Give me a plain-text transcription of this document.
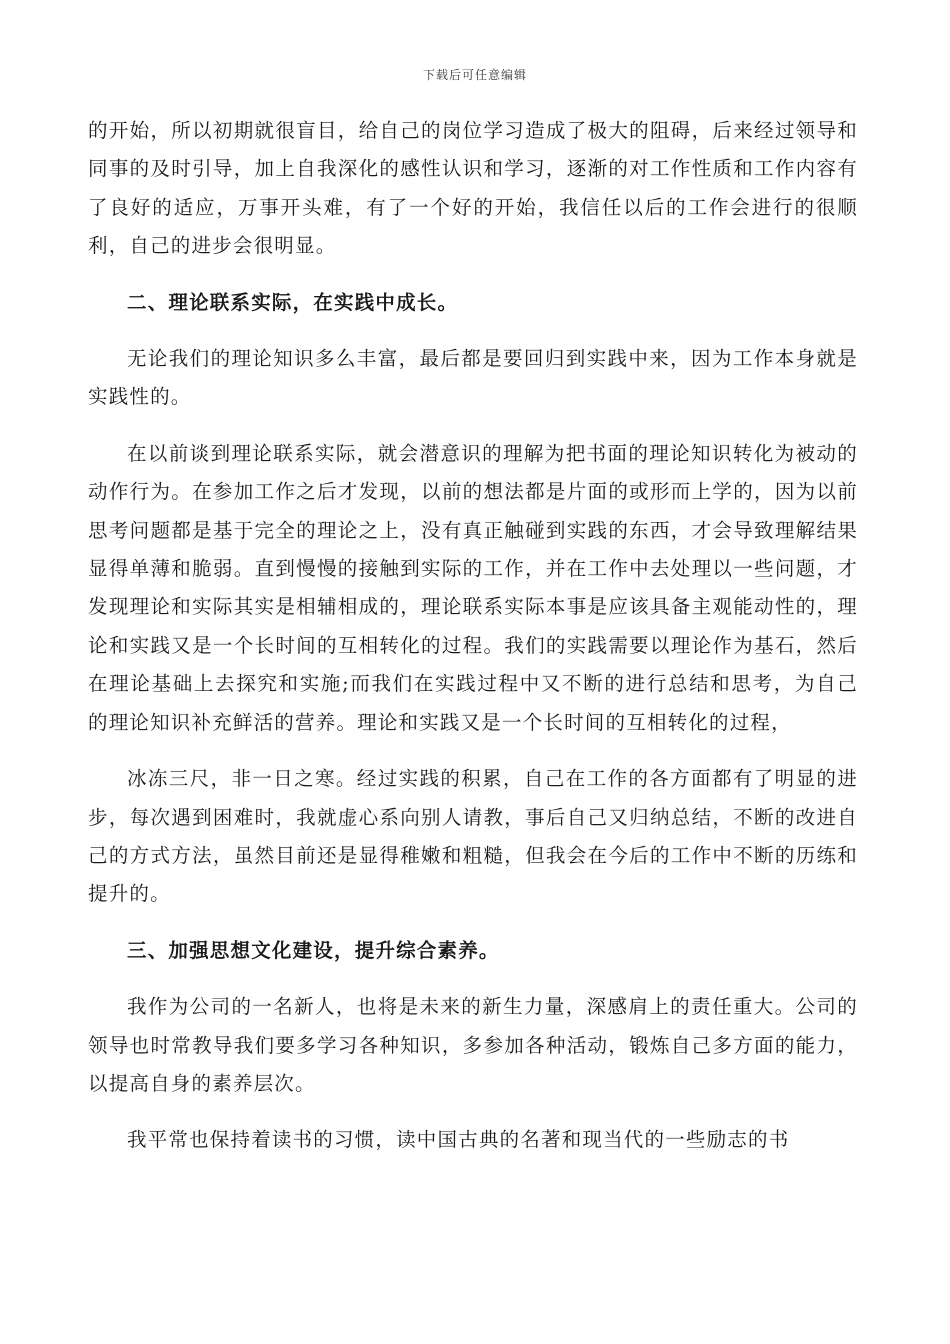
下载后可任意编辑

的开始，所以初期就很盲目，给自己的岗位学习造成了极大的阻碍，后来经过领导和同事的及时引导，加上自我深化的感性认识和学习，逐渐的对工作性质和工作内容有了良好的适应，万事开头难，有了一个好的开始，我信任以后的工作会进行的很顺利，自己的进步会很明显。

二、理论联系实际，在实践中成长。

无论我们的理论知识多么丰富，最后都是要回归到实践中来，因为工作本身就是实践性的。

在以前谈到理论联系实际，就会潜意识的理解为把书面的理论知识转化为被动的动作行为。在参加工作之后才发现，以前的想法都是片面的或形而上学的，因为以前思考问题都是基于完全的理论之上，没有真正触碰到实践的东西，才会导致理解结果显得单薄和脆弱。直到慢慢的接触到实际的工作，并在工作中去处理以一些问题，才发现理论和实际其实是相辅相成的，理论联系实际本事是应该具备主观能动性的，理论和实践又是一个长时间的互相转化的过程。我们的实践需要以理论作为基石，然后在理论基础上去探究和实施;而我们在实践过程中又不断的进行总结和思考，为自己的理论知识补充鲜活的营养。理论和实践又是一个长时间的互相转化的过程，

冰冻三尺，非一日之寒。经过实践的积累，自己在工作的各方面都有了明显的进步，每次遇到困难时，我就虚心系向别人请教，事后自己又归纳总结，不断的改进自己的方式方法，虽然目前还是显得稚嫩和粗糙，但我会在今后的工作中不断的历练和提升的。

三、加强思想文化建设，提升综合素养。

我作为公司的一名新人，也将是未来的新生力量，深感肩上的责任重大。公司的领导也时常教导我们要多学习各种知识，多参加各种活动，锻炼自己多方面的能力，以提高自身的素养层次。

我平常也保持着读书的习惯，读中国古典的名著和现当代的一些励志的书
